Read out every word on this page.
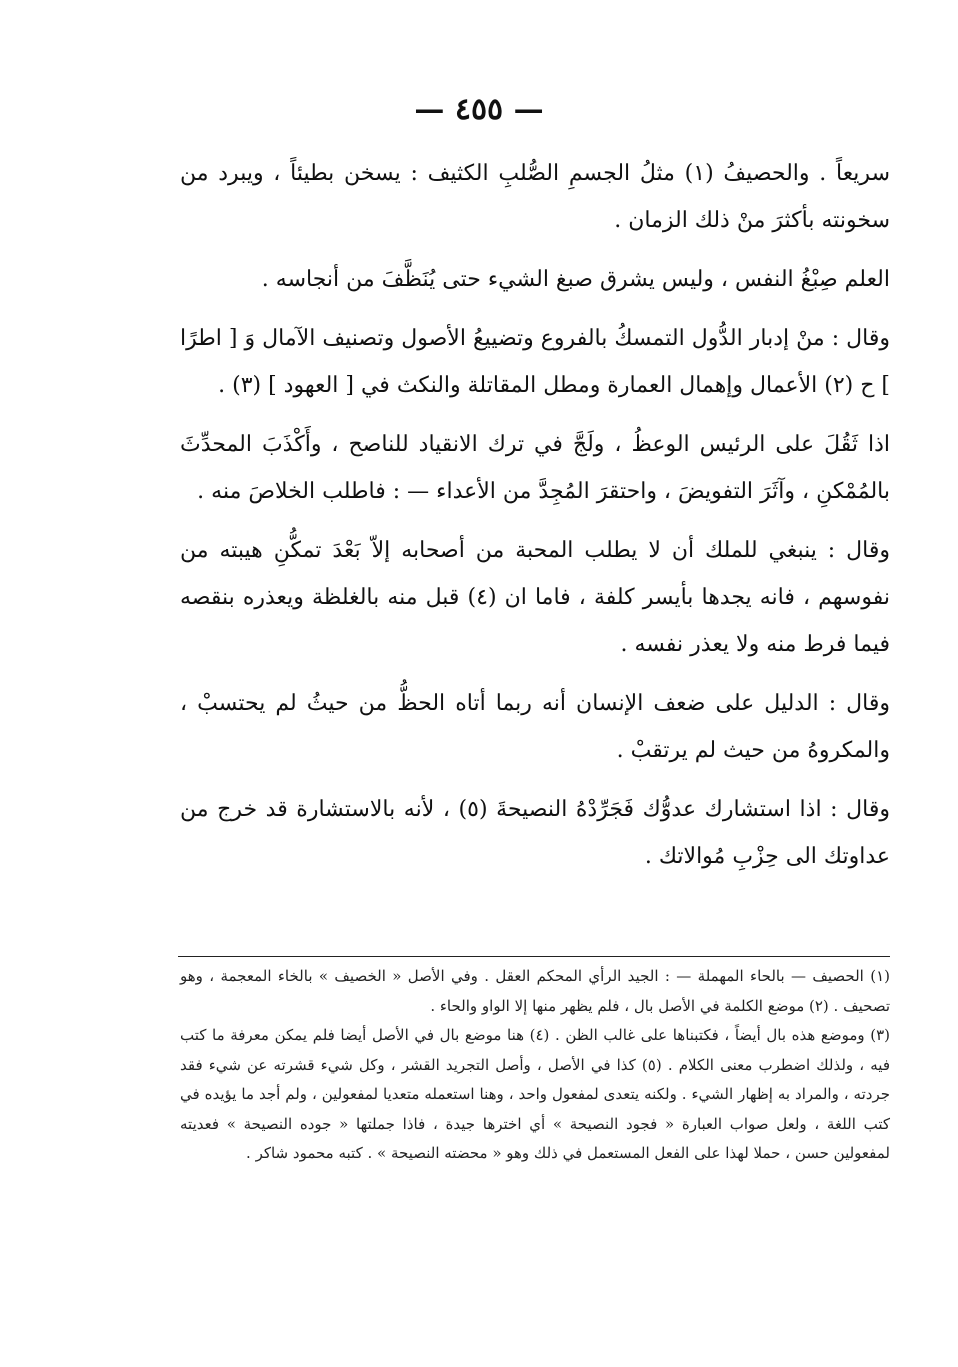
— ٤٥٥ —

سريعاً . والحصيفُ (١) مثلُ الجسمِ الصُّلبِ الكثيف : يسخن بطيئاً ، ويبرد من سخونته بأكثرَ منْ ذلك الزمان .

العلم صِبْغُ النفس ، وليس يشرق صبغ الشيء حتى يُنَظَّفَ من أنجاسه .

وقال : منْ إدبار الدُّول التمسكُ بالفروع وتضييعُ الأصول وتصنيف الآمال وَ [ اطرًا ] ح (٢) الأعمال وإهمال العمارة ومطل المقاتلة والنكث في [ العهود ] (٣) .

اذا ثَقُلَ على الرئيس الوعظُ ، ولَجَّ في ترك الانقياد للناصح ، وأَكْذَبَ المحدِّثَ بالمُمْكنِ ، وآثَرَ التفويضَ ، واحتقرَ المُجِدَّ من الأعداء — : فاطلب الخلاصَ منه .

وقال : ينبغي للملك أن لا يطلب المحبة من أصحابه إلاّ بَعْدَ تمكُّنِ هيبته من نفوسهم ، فانه يجدها بأيسر كلفة ، فاما ان (٤) قبل منه بالغلظة ويعذره بنقصه فيما فرط منه ولا يعذر نفسه .

وقال : الدليل على ضعف الإنسان أنه ربما أتاه الحظُّ من حيثُ لم يحتسبْ ، والمكروهُ من حيث لم يرتقبْ .

وقال : اذا استشارك عدوُّك فَجَرِّدْهُ النصيحةَ (٥) ، لأنه بالاستشارة قد خرج من عداوتك الى حِزْبِ مُوالاتك .

(١) الحصيف — بالحاء المهملة — : الجيد الرأي المحكم العقل . وفي الأصل « الخصيف » بالخاء المعجمة ، وهو تصحيف . (٢) موضع الكلمة في الأصل بال ، فلم يظهر منها إلا الواو والحاء .

(٣) وموضع هذه بال أيضاً ، فكتبناها على غالب الظن . (٤) هنا موضع بال في الأصل أيضا فلم يمكن معرفة ما كتب فيه ، ولذلك اضطرب معنى الكلام . (٥) كذا في الأصل ، وأصل التجريد القشر ، وكل شيء قشرته عن شيء فقد جردته ، والمراد به إظهار الشيء . ولكنه يتعدى لمفعول واحد ، وهنا استعمله متعديا لمفعولين ، ولم أجد ما يؤيده في كتب اللغة ، ولعل صواب العبارة « فجود النصيحة » أي اخترها جيدة ، فاذا جملتها « جوده النصيحة » فعديته لمفعولين حسن ، حملا لهذا على الفعل المستعمل في ذلك وهو « محضته النصيحة » . كتبه محمود شاكر .
